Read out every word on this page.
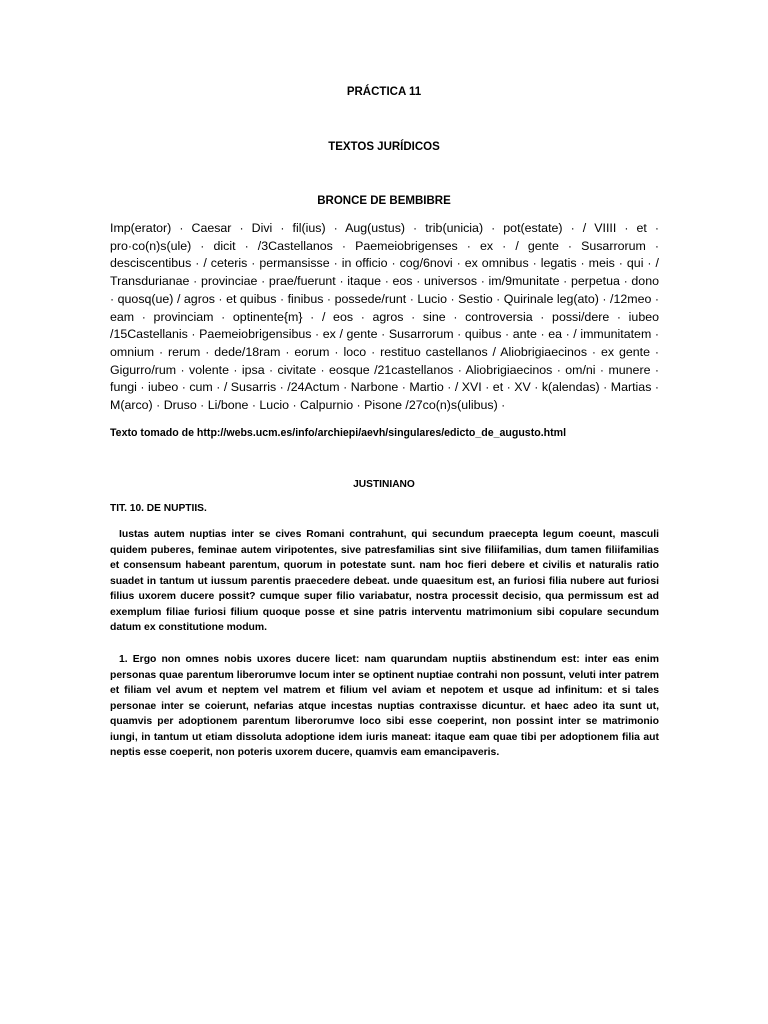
PRÁCTICA 11
TEXTOS JURÍDICOS
BRONCE DE BEMBIBRE

Imp(erator) · Caesar · Divi · fil(ius) · Aug(ustus) · trib(unicia) · pot(estate) · / VIIII · et · pro·co(n)s(ule) · dicit · /3Castellanos · Paemeiobrigenses · ex · / gente · Susarrorum · desciscentibus · / ceteris · permansisse · in officio · cog/6novi · ex omnibus · legatis · meis · qui · / Transdurianae · provinciae · prae/fuerunt · itaque · eos · universos · im/9munitate · perpetua · dono · quosq(ue) / agros · et quibus · finibus · possede/runt · Lucio · Sestio · Quirinale leg(ato) · /12meo · eam · provinciam · optinente{m} · / eos · agros · sine · controversia · possi/dere · iubeo /15Castellanis · Paemeiobrigensibus · ex / gente · Susarrorum · quibus · ante · ea · / immunitatem · omnium · rerum · dede/18ram · eorum · loco · restituo castellanos / Aliobrigiaecinos · ex gente · Gigurro/rum · volente · ipsa · civitate · eosque /21castellanos · Aliobrigiaecinos · om/ni · munere · fungi · iubeo · cum · / Susarris · /24Actum · Narbone · Martio · / XVI · et · XV · k(alendas) · Martias · M(arco) · Druso · Li/bone · Lucio · Calpurnio · Pisone /27co(n)s(ulibus) ·

Texto tomado de http://webs.ucm.es/info/archiepi/aevh/singulares/edicto_de_augusto.html

JUSTINIANO

TIT. 10. DE NUPTIIS.

Iustas autem nuptias inter se cives Romani contrahunt, qui secundum praecepta legum coeunt, masculi quidem puberes, feminae autem viripotentes, sive patresfamilias sint sive filiifamilias, dum tamen filiifamilias et consensum habeant parentum, quorum in potestate sunt. nam hoc fieri debere et civilis et naturalis ratio suadet in tantum ut iussum parentis praecedere debeat. unde quaesitum est, an furiosi filia nubere aut furiosi filius uxorem ducere possit? cumque super filio variabatur, nostra processit decisio, qua permissum est ad exemplum filiae furiosi filium quoque posse et sine patris interventu matrimonium sibi copulare secundum datum ex constitutione modum.

1. Ergo non omnes nobis uxores ducere licet: nam quarundam nuptiis abstinendum est: inter eas enim personas quae parentum liberorumve locum inter se optinent nuptiae contrahi non possunt, veluti inter patrem et filiam vel avum et neptem vel matrem et filium vel aviam et nepotem et usque ad infinitum: et si tales personae inter se coierunt, nefarias atque incestas nuptias contraxisse dicuntur. et haec adeo ita sunt ut, quamvis per adoptionem parentum liberorumve loco sibi esse coeperint, non possint inter se matrimonio iungi, in tantum ut etiam dissoluta adoptione idem iuris maneat: itaque eam quae tibi per adoptionem filia aut neptis esse coeperit, non poteris uxorem ducere, quamvis eam emancipaveris.
